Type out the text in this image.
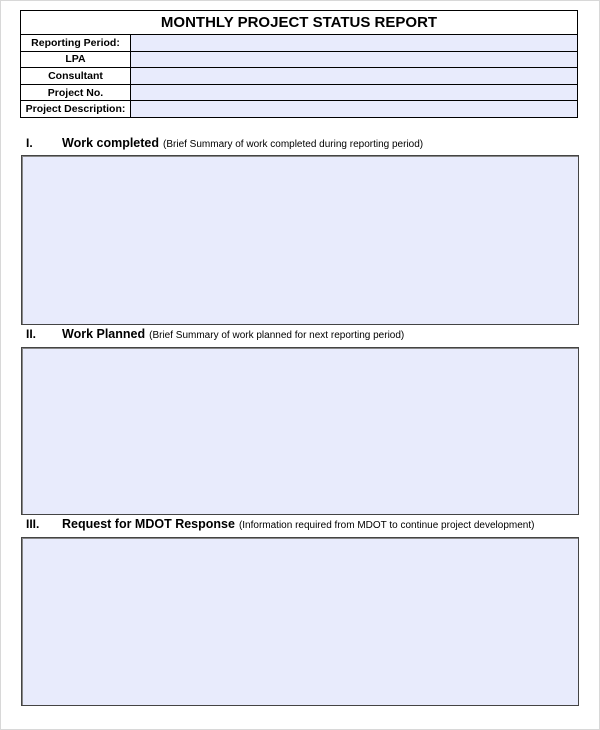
MONTHLY PROJECT STATUS REPORT
Reporting Period:
LPA
Consultant
Project No.
Project Description:
I.	Work completed (Brief Summary of work completed during reporting period)
II.	Work Planned (Brief Summary of work planned for next reporting period)
III.	Request for MDOT Response (Information required from MDOT to continue project development)
